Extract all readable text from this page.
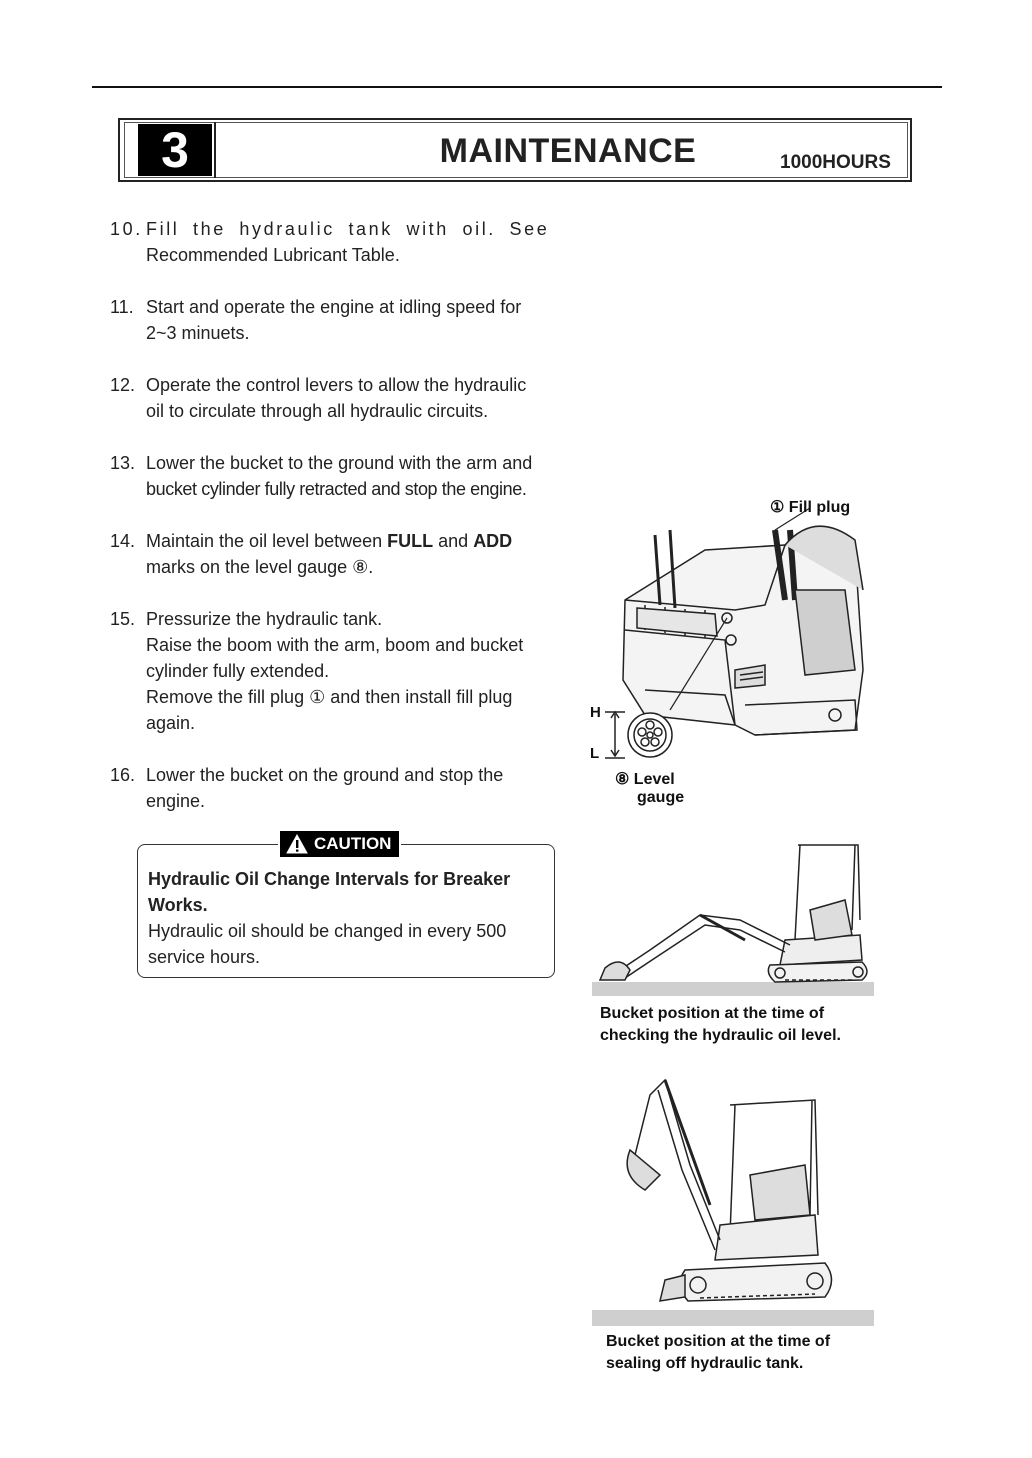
3	MAINTENANCE	1000HOURS
10. Fill the hydraulic tank with oil. See

Recommended Lubricant Table.

11. Start and operate the engine at idling speed for

2~3 minuets.

12. Operate the control levers to allow the hydraulic

oil to circulate through all hydraulic circuits.

13. Lower the bucket to the ground with the arm and

bucket cylinder fully retracted and stop the engine.

14. Maintain the oil level between FULL and ADD

marks on the level gauge ⑧.

15. Pressurize the hydraulic tank.

Raise the boom with the arm, boom and bucket

cylinder fully extended.

Remove the fill plug ① and then install fill plug

again.

16. Lower the bucket on the ground and stop the

engine.

CAUTION
Hydraulic Oil Change Intervals for Breaker Works.
Hydraulic oil should be changed in every 500 service hours.
H
L
① Fill plug
⑧ Level
gauge
Bucket position at the time of
checking the hydraulic oil level.
Bucket position at the time of
sealing off hydraulic tank.
